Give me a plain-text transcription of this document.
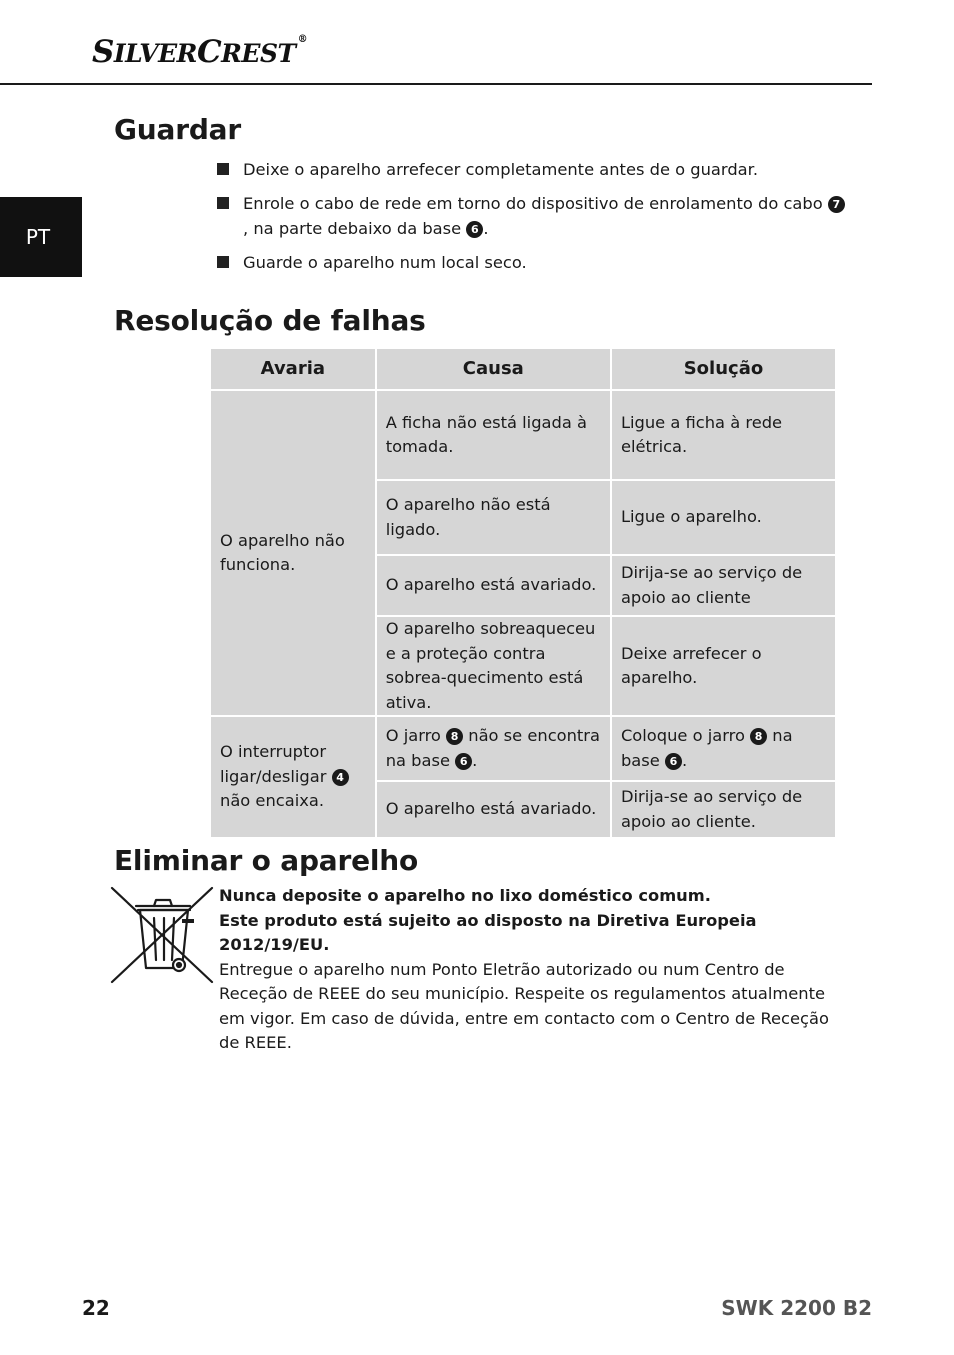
SILVERCREST ®
PT
Guardar
Deixe o aparelho arrefecer completamente antes de o guardar.
Enrole o cabo de rede em torno do dispositivo de enrolamento do cabo 7, na parte debaixo da base 6 .
Guarde o aparelho num local seco.
Resolução de falhas
Avaria	Causa	Solução
O aparelho não funciona.	A ficha não está ligada à tomada.	Ligue a ficha à rede elétrica.
	O aparelho não está ligado.	Ligue o aparelho.
	O aparelho está avariado.	Dirija-se ao serviço de apoio ao cliente
	O aparelho sobreaqueceu e a proteção contra sobrea-quecimento está ativa.	Deixe arrefecer o aparelho.
O interruptor ligar/desligar 4 não encaixa.	O jarro 8 não se encontra na base 6 .	Coloque o jarro 8 na base 6 .
	O aparelho está avariado.	Dirija-se ao serviço de apoio ao cliente.
Eliminar o aparelho
Nunca deposite o aparelho no lixo doméstico comum.
Este produto está sujeito ao disposto na Diretiva Europeia 2012/19/EU.
Entregue o aparelho num Ponto Eletrão autorizado ou num Centro de Receção de REEE do seu município. Respeite os regulamentos atualmente em vigor. Em caso de dúvida, entre em contacto com o Centro de Receção de REEE.
22	SWK 2200 B2
